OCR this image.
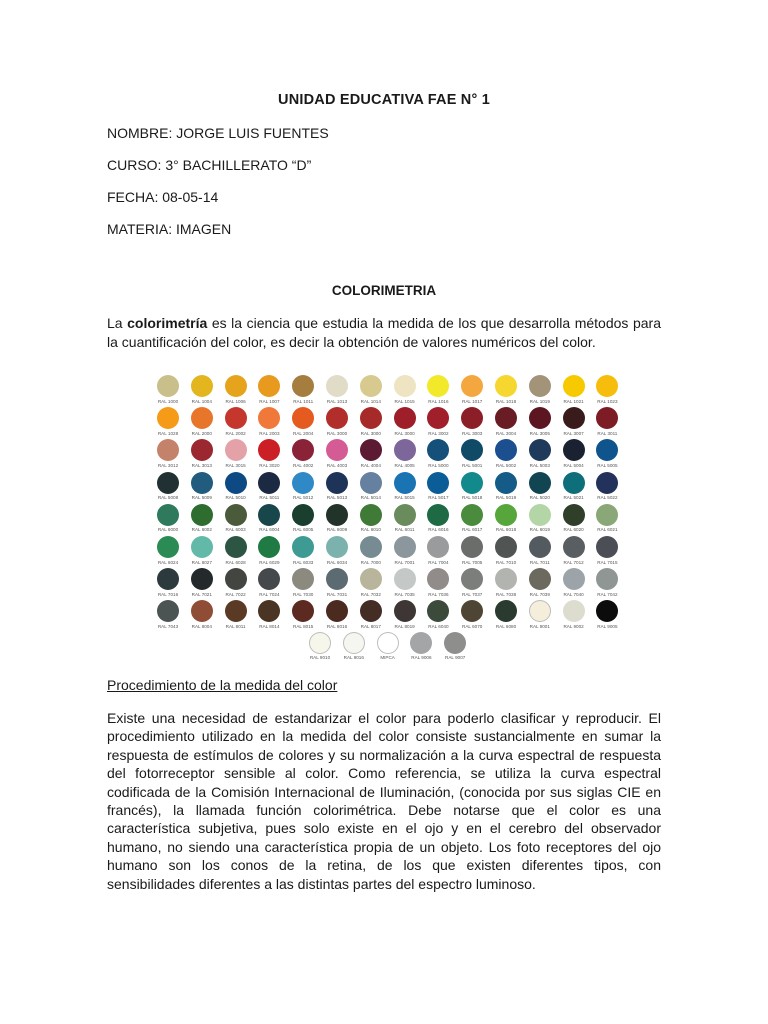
UNIDAD EDUCATIVA FAE N° 1
NOMBRE: JORGE LUIS FUENTES
CURSO: 3° BACHILLERATO “D”
FECHA: 08-05-14
MATERIA: IMAGEN
COLORIMETRIA
La colorimetría es la ciencia que estudia la medida de los que desarrolla métodos para la cuantificación del color, es decir la obtención de valores numéricos del color.
RAL 1000	RAL 1004	RAL 1006	RAL 1007	RAL 1011	RAL 1013	RAL 1014	RAL 1015	RAL 1016	RAL 1017	RAL 1018	RAL 1019	RAL 1021	RAL 1023
RAL 1028	RAL 2000	RAL 2002	RAL 2003	RAL 2004	RAL 3000	RAL 3000	RAL 3000	RAL 3002	RAL 3003	RAL 3004	RAL 3005	RAL 3007	RAL 3011
RAL 3012	RAL 3013	RAL 3015	RAL 3020	RAL 4002	RAL 4003	RAL 4004	RAL 4005	RAL 5000	RAL 5001	RAL 5002	RAL 5003	RAL 5004	RAL 5005
RAL 5008	RAL 5009	RAL 5010	RAL 5011	RAL 5012	RAL 5013	RAL 5014	RAL 5015	RAL 5017	RAL 5018	RAL 5019	RAL 5020	RAL 5021	RAL 5022
RAL 6000	RAL 6002	RAL 6003	RAL 6004	RAL 6005	RAL 6009	RAL 6010	RAL 6011	RAL 6016	RAL 6017	RAL 6018	RAL 6019	RAL 6020	RAL 6021
RAL 6024	RAL 6027	RAL 6028	RAL 6029	RAL 6033	RAL 6034	RAL 7000	RAL 7001	RAL 7004	RAL 7005	RAL 7010	RAL 7011	RAL 7012	RAL 7015
RAL 7016	RAL 7021	RAL 7022	RAL 7024	RAL 7030	RAL 7031	RAL 7032	RAL 7035	RAL 7036	RAL 7037	RAL 7038	RAL 7039	RAL 7040	RAL 7042
RAL 7043	RAL 8004	RAL 8011	RAL 8014	RAL 8015	RAL 8016	RAL 8017	RAL 8019	RAL 6040	RAL 6070	RAL 6080	RAL 9001	RAL 9002	RAL 9005
RAL 9010	RAL 9016	MIPCA	RAL 9006	RAL 9007
Procedimiento de la medida del color
Existe una necesidad de estandarizar el color para poderlo clasificar y reproducir. El procedimiento utilizado en la medida del color consiste sustancialmente en sumar la respuesta de estímulos de colores y su normalización a la curva espectral de respuesta del fotorreceptor sensible al color. Como referencia, se utiliza la curva espectral codificada de la Comisión Internacional de Iluminación, (conocida por sus siglas CIE en francés), la llamada función colorimétrica. Debe notarse que el color es una característica subjetiva, pues solo existe en el ojo y en el cerebro del observador humano, no siendo una característica propia de un objeto. Los foto receptores del ojo humano son los conos de la retina, de los que existen diferentes tipos, con sensibilidades diferentes a las distintas partes del espectro luminoso.
